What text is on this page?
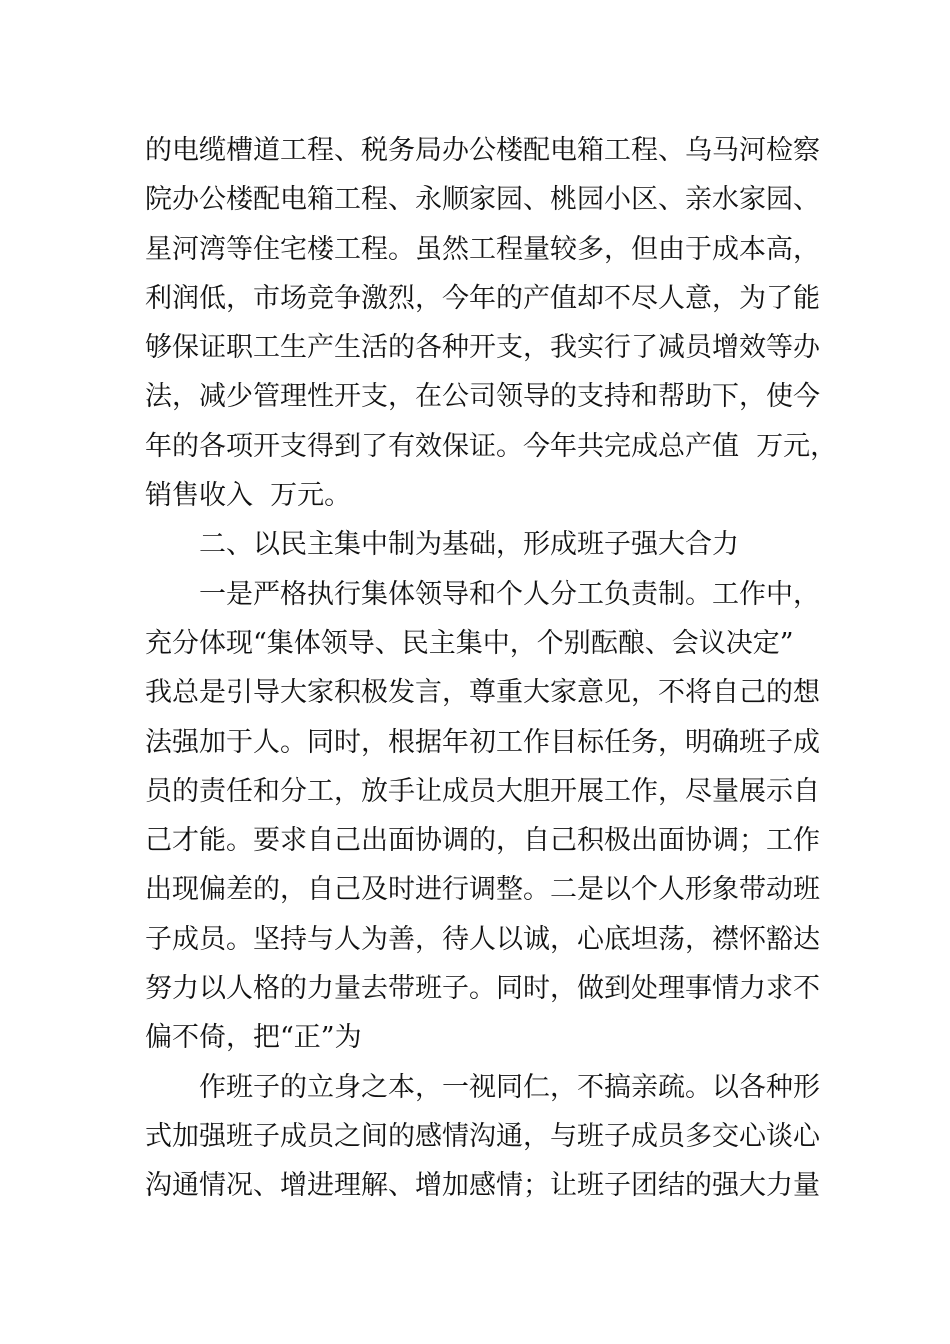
的电缆槽道工程、税务局办公楼配电箱工程、乌马河检察
院办公楼配电箱工程、永顺家园、桃园小区、亲水家园、
星河湾等住宅楼工程。虽然工程量较多，但由于成本高，
利润低，市场竞争激烈，今年的产值却不尽人意，为了能
够保证职工生产生活的各种开支，我实行了减员增效等办
法，减少管理性开支，在公司领导的支持和帮助下，使今
年的各项开支得到了有效保证。今年共完成总产值  万元，
销售收入  万元。
二、以民主集中制为基础，形成班子强大合力
一是严格执行集体领导和个人分工负责制。工作中，
充分体现“集体领导、民主集中，个别酝酿、会议决定”
我总是引导大家积极发言，尊重大家意见，不将自己的想
法强加于人。同时，根据年初工作目标任务，明确班子成
员的责任和分工，放手让成员大胆开展工作，尽量展示自
己才能。要求自己出面协调的，自己积极出面协调；工作
出现偏差的，自己及时进行调整。二是以个人形象带动班
子成员。坚持与人为善，待人以诚，心底坦荡，襟怀豁达
努力以人格的力量去带班子。同时，做到处理事情力求不
偏不倚，把“正”为
作班子的立身之本，一视同仁，不搞亲疏。以各种形
式加强班子成员之间的感情沟通，与班子成员多交心谈心
沟通情况、增进理解、增加感情；让班子团结的强大力量
